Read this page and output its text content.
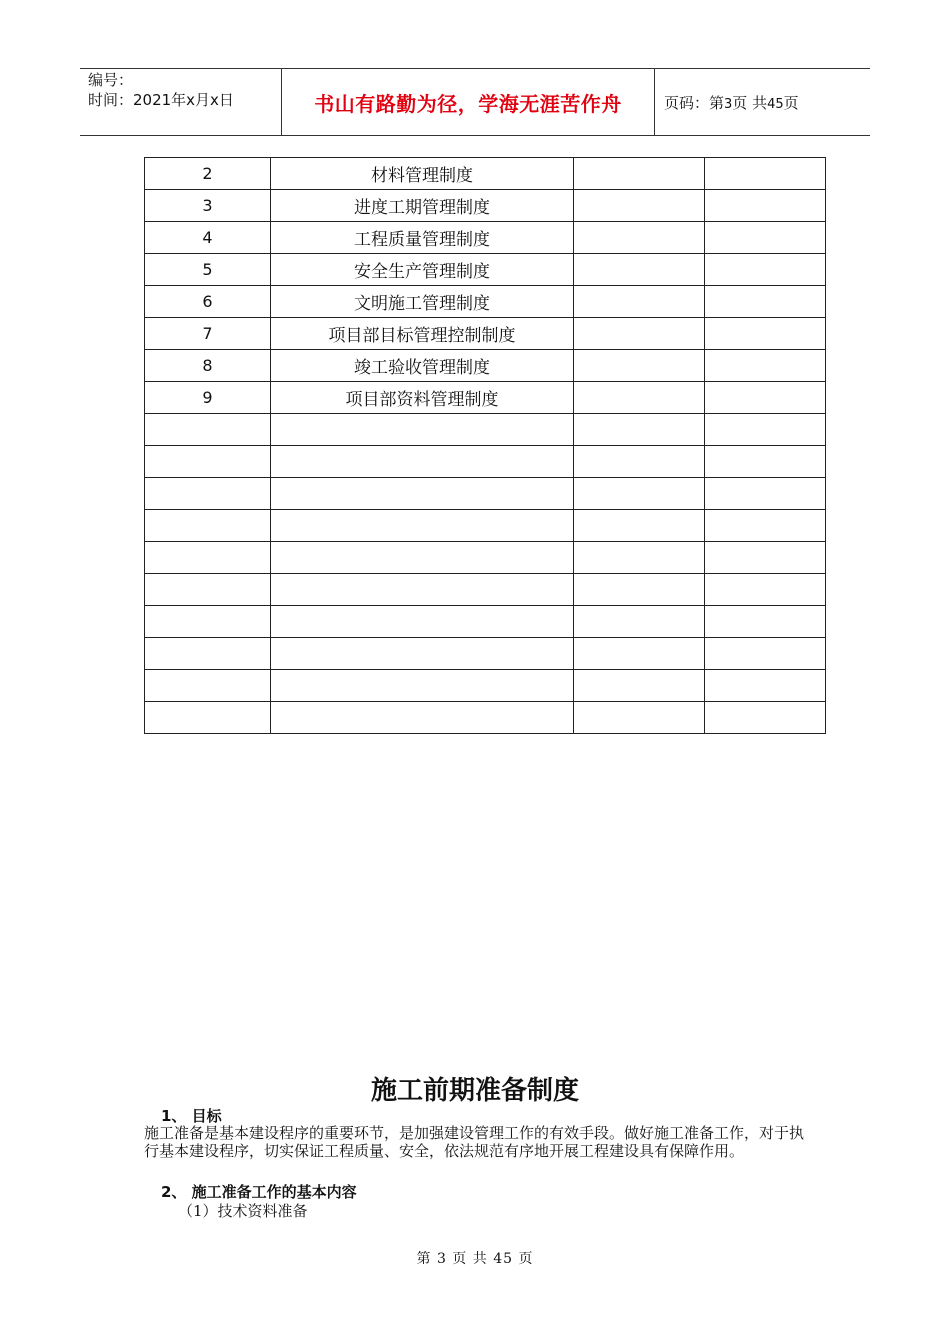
编号：
时间：2021年x月x日	书山有路勤为径，学海无涯苦作舟	页码：第3页 共45页
2	材料管理制度		
3	进度工期管理制度		
4	工程质量管理制度		
5	安全生产管理制度		
6	文明施工管理制度		
7	项目部目标管理控制制度		
8	竣工验收管理制度		
9	项目部资料管理制度		

施工前期准备制度
1、 目标
施工准备是基本建设程序的重要环节，是加强建设管理工作的有效手段。做好施工准备工作，对于执行基本建设程序，切实保证工程质量、安全，依法规范有序地开展工程建设具有保障作用。
2、 施工准备工作的基本内容
（1）技术资料准备
第 3 页 共 45 页
